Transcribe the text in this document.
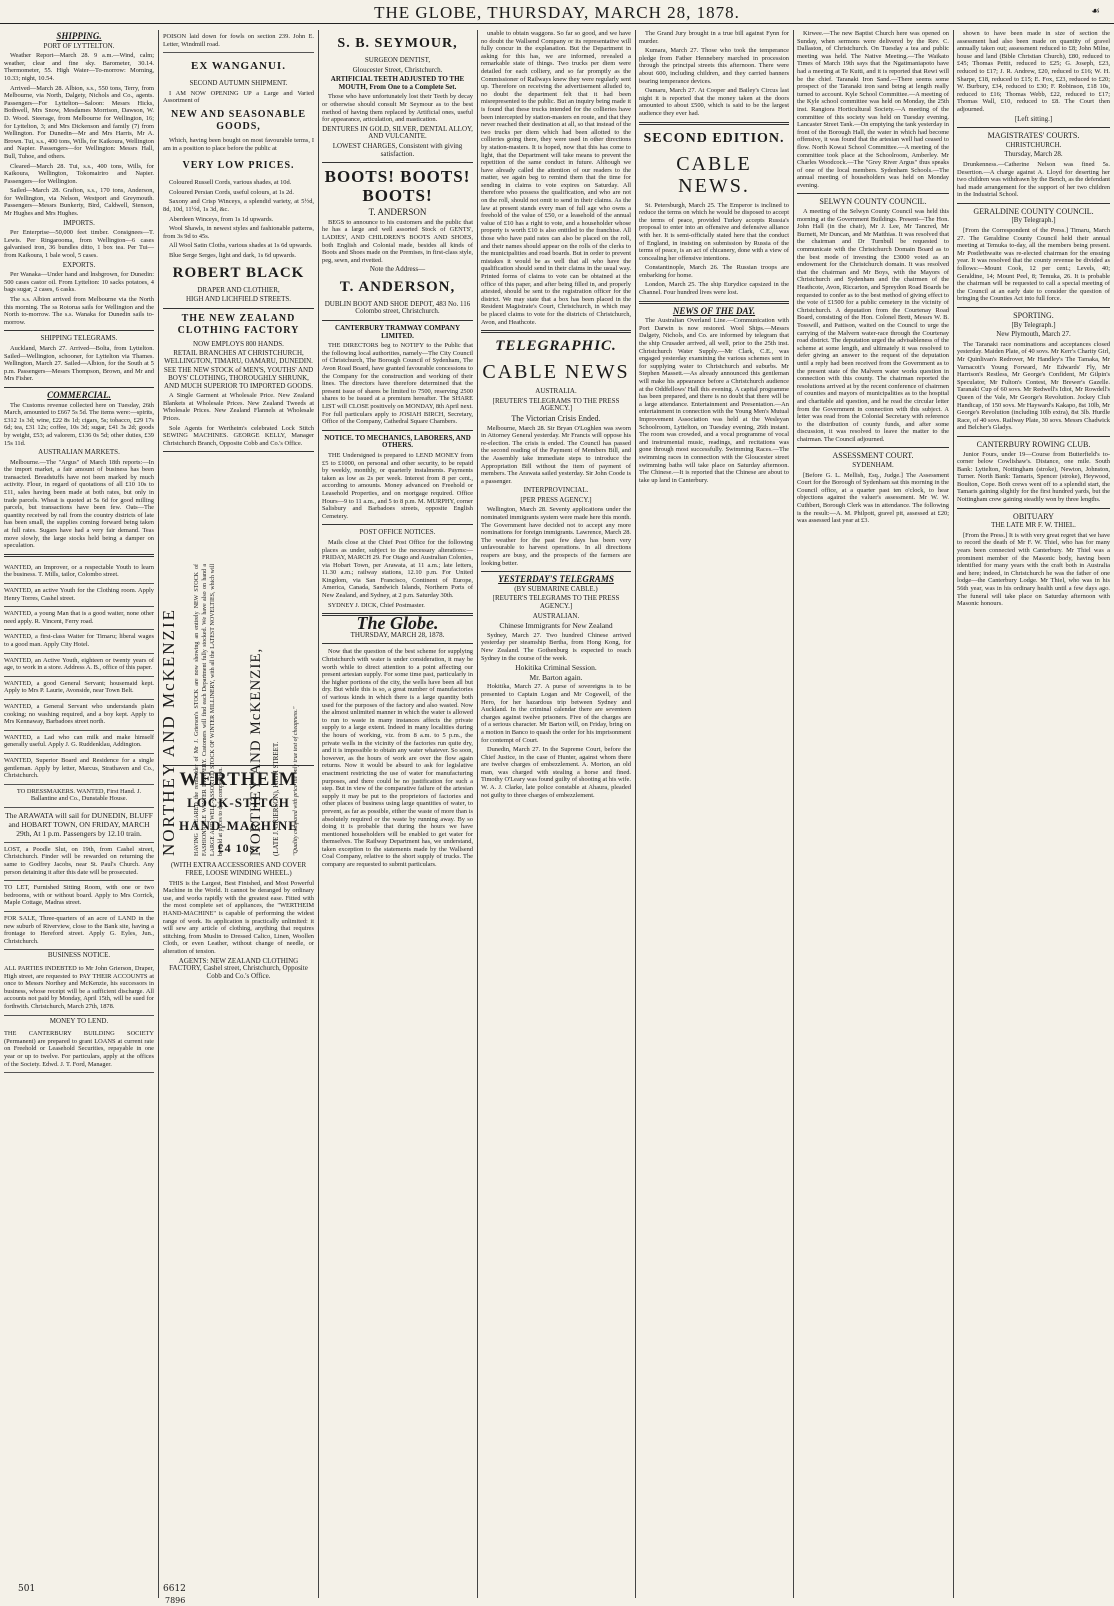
THE GLOBE, THURSDAY, MARCH 28, 1878.	☙
SHIPPING.
PORT OF LYTTELTON.

Weather Report—March 28. 9 a.m.—Wind, calm; weather, clear and fine sky. Barometer, 30.14. Thermometer, 55. High Water—To-morrow: Morning, 10.33; night, 10.54.

Arrived—March 28. Albion, s.s., 550 tons, Terry, from Melbourne, via North, Dalgety, Nichols and Co., agents. Passengers—For Lyttelton—Saloon: Messrs Hicks, Bothwell, Mrs Snow, Mesdames Morrison, Dawson, W. D. Wood. Steerage, from Melbourne for Wellington, 16; for Lyttelton, 3; and Mrs Dickenson and family (7) from Wellington. For Dunedin—Mr and Mrs Harris, Mr A. Brown. Tui, s.s., 400 tons, Wills, for Kaikoura, Wellington and Napier. Passengers—for Wellington: Messrs Hall, Bull, Tuhoe, and others.

Cleared—March 28. Tui, s.s., 400 tons, Wills, for Kaikoura, Wellington, Tokomairiro and Napier. Passengers—for Wellington.

Sailed—March 28. Grafton, s.s., 170 tons, Anderson, for Wellington, via Nelson, Westport and Greymouth. Passengers—Messrs Bunkerty, Bird, Caldwell, Stenson, Mr Hughes and Mrs Hughes.

IMPORTS.

Per Enterprise—50,000 feet timber. Consignees—T. Lewis. Per Ringarooma, from Wellington—6 cases galvanised iron, 36 bundles ditto, 1 box tea. Per Tui—from Kaikoura, 1 bale wool, 5 cases.

EXPORTS.

Per Wanaka—Under hand and lnsbgrown, for Dunedin: 500 cases castor oil. From Lyttelton: 10 sacks potatoes, 4 bags sugar, 2 cases, 6 casks.

The s.s. Albion arrived from Melbourne via the North this morning. The ss Rotorua sails for Wellington and the North to-morrow. The s.s. Wanaka for Dunedin sails to-morrow.

SHIPPING TELEGRAMS.

Auckland, March 27. Arrived—Bolta, from Lyttelton. Sailed—Wellington, schooner, for Lyttelton via Thames. Wellington, March 27. Sailed—Albion, for the South at 5 p.m. Passengers—Messrs Thompson, Brown, and Mr and Mrs Fisher.

COMMERCIAL.

The Customs revenue collected here on Tuesday, 26th March, amounted to £667 5s 5d. The items were:—spirits, £312 1s 3d; wine, £22 8s 1d; cigars, 5s; tobacco, £29 17s 6d; tea, £31 12s; coffee, 10s 3d; sugar, £41 3s 2d; goods by weight, £53; ad valorem, £136 0s 5d; other duties, £39 15s 11d.

AUSTRALIAN MARKETS.

Melbourne.—The "Argus" of March 18th reports:—In the import market, a fair amount of business has been transacted. Breadstuffs have not been marked by much activity. Flour, in regard of quotations of all £10 10s to £11, sales having been made at both rates, but only in trade parcels. Wheat is quoted at 5s 6d for good milling parcels, but transactions have been few. Oats—The quantity received by rail from the country districts of late has been small, the supplies coming forward being taken at full rates. Sugars have had a very fair demand. Teas move slowly, the large stocks held being a damper on speculation.

WANTED, an Improver, or a respectable Youth to learn the business. T. Mills, tailor, Colombo street.
WANTED, an active Youth for the Clothing room. Apply Henry Torres, Cashel street.
WANTED, a young Man that is a good waiter, none other need apply. R. Vincent, Ferry road.
WANTED, a first-class Waiter for Timaru; liberal wages to a good man. Apply City Hotel.
WANTED, an Active Youth, eighteen or twenty years of age, to work in a store. Address A. B., office of this paper.
WANTED, a good General Servant; housemaid kept. Apply to Mrs P. Laurie, Avonside, near Town Belt.
WANTED, a General Servant who understands plain cooking; no washing required, and a boy kept. Apply to Mrs Kennaway, Barbadoes street north.
WANTED, a Lad who can milk and make himself generally useful. Apply J. G. Ruddenklau, Addington.
WANTED, Superior Board and Residence for a single gentleman. Apply by letter, Marcus, Strathaven and Co., Christchurch.
TO DRESSMAKERS. WANTED, First Hand. J. Ballantine and Co., Dunstable House.
The ARAWATA will sail for DUNEDIN, BLUFF and HOBART TOWN, ON FRIDAY, MARCH 29th, At 1 p.m. Passengers by 12.10 train.
LOST, a Poodle Slut, on 19th, from Cashel street, Christchurch. Finder will be rewarded on returning the same to Godfrey Jacobs, near St. Paul's Church. Any person detaining it after this date will be prosecuted.
TO LET, Furnished Sitting Room, with one or two bedrooms, with or without board. Apply to Mrs Corrick, Maple Cottage, Madras street.
FOR SALE, Three-quarters of an acre of LAND in the new suburb of Riverview, close to the Bank site, having a frontage to Hereford street. Apply G. Eyles, Jun., Christchurch.
BUSINESS NOTICE.
ALL PARTIES INDEBTED to Mr John Grierson, Draper, High street, are requested to PAY THEIR ACCOUNTS at once to Messrs Northey and McKenzie, his successors in business, whose receipt will be a sufficient discharge. All accounts not paid by Monday, April 15th, will be sued for forthwith. Christchurch, March 27th, 1878.
MONEY TO LEND.
THE CANTERBURY BUILDING SOCIETY (Permanent) are prepared to grant LOANS at current rate on Freehold or Leasehold Securities, repayable in one year or up to twelve. For particulars, apply at the offices of the Society. Edwd. J. T. Ford, Manager.
POISON laid down for fowls on section 239. John E. Letter, Windmill road.
EX WANGANUI.
SECOND AUTUMN SHIPMENT.

I AM NOW OPENING UP a Large and Varied Assortment of

NEW AND SEASONABLE GOODS,

Which, having been bought on most favourable terms, I am in a position to place before the public at

VERY LOW PRICES.

Coloured Russell Cords, various shades, at 10d.

Coloured Persian Cords, useful colours, at 1s 2d.

Saxony and Crisp Winceys, a splendid variety, at 5½d, 8d, 10d, 11½d, 1s 3d, &c.

Aberdeen Winceys, from 1s 1d upwards.

Wool Shawls, in newest styles and fashionable patterns, from 3s 9d to 45s.

All Wool Satin Cloths, various shades at 1s 6d upwards.

Blue Serge Serges, light and dark, 1s 6d upwards.

ROBERT BLACK
DRAPER AND CLOTHIER,
HIGH AND LICHFIELD STREETS.
THE NEW ZEALAND CLOTHING FACTORY
NOW EMPLOYS 800 HANDS.
RETAIL BRANCHES AT CHRISTCHURCH, WELLINGTON, TIMARU, OAMARU, DUNEDIN.
SEE THE NEW STOCK of MEN'S, YOUTHS' AND BOYS' CLOTHING, THOROUGHLY SHRUNK, AND MUCH SUPERIOR TO IMPORTED GOODS.

A Single Garment at Wholesale Price. New Zealand Blankets at Wholesale Prices. New Zealand Tweeds at Wholesale Prices. New Zealand Flannels at Wholesale Prices.

Sole Agents for Wertheim's celebrated Lock Stitch SEWING MACHINES. GEORGE KELLY, Manager Christchurch Branch, Opposite Cobb and Co.'s Office.

NORTHEY AND McKENZIE	HAVING CLEARED the remainder of Mr J. Grierson's STOCK are now showing an entirely NEW STOCK of FASHIONABLE WINTER DRAPERY. Customers will find each Department fully stocked. We have also on hand a LARGE AND WELL-ASSORTED STOCK OF WINTER MILLINERY, with all the LATEST NOVELTIES, which will be sold at prices to defy competition.	NORTHEY AND McKENZIE, (LATE J. GRIERSON), HIGH STREET. "Quality compared with price the only true test of cheapness."
WERTHEIM
LOCK-STITCH
HAND-MACHINE
£4 10s.
(WITH EXTRA ACCESSORIES AND COVER FREE, LOOSE WINDING WHEEL.)

THIS is the Largest, Best Finished, and Most Powerful Machine in the World. It cannot be deranged by ordinary use, and works rapidly with the greatest ease. Fitted with the most complete set of appliances, the "WERTHEIM HAND-MACHINE" is capable of performing the widest range of work. Its application is practically unlimited: it will sew any article of clothing, anything that requires stitching, from Muslin to Dressed Calico, Linen, Woollen Cloth, or even Leather, without change of needle, or alteration of tension.

AGENTS: NEW ZEALAND CLOTHING FACTORY, Cashel street, Christchurch, Opposite Cobb and Co.'s Office.
S. B. SEYMOUR,
SURGEON DENTIST,
Gloucester Street, Christchurch.
ARTIFICIAL TEETH ADJUSTED TO THE MOUTH, From One to a Complete Set.

Those who have unfortunately lost their Teeth by decay or otherwise should consult Mr Seymour as to the best method of having them replaced by Artificial ones, useful for appearance, articulation, and mastication.

DENTURES IN GOLD, SILVER, DENTAL ALLOY, AND VULCANITE.
LOWEST CHARGES, Consistent with giving satisfaction.
BOOTS! BOOTS! BOOTS!
T. ANDERSON

BEGS to announce to his customers and the public that he has a large and well assorted Stock of GENTS', LADIES', AND CHILDREN'S BOOTS AND SHOES, both English and Colonial made, besides all kinds of Boots and Shoes made on the Premises, in first-class style, peg, sewn, and rivetted.

Note the Address—
T. ANDERSON,
DUBLIN BOOT AND SHOE DEPOT, 483 No. 116 Colombo street, Christchurch.
CANTERBURY TRAMWAY COMPANY LIMITED.

THE DIRECTORS beg to NOTIFY to the Public that the following local authorities, namely—The City Council of Christchurch, The Borough Council of Sydenham, The Avon Road Board, have granted favourable concessions to the Company for the construction and working of their lines. The directors have therefore determined that the present issue of shares be limited to 7500, reserving 2500 shares to be issued at a premium hereafter. The SHARE LIST will CLOSE positively on MONDAY, 8th April next. For full particulars apply to JOSIAH BIRCH, Secretary, Office of the Company, Cathedral Square Chambers.

NOTICE. TO MECHANICS, LABORERS, AND OTHERS.

THE Undersigned is prepared to LEND MONEY from £5 to £1000, on personal and other security, to be repaid by weekly, monthly, or quarterly instalments. Payments taken as low as 2s per week. Interest from 8 per cent., according to amounts. Money advanced on Freehold or Leasehold Properties, and on mortgage required. Office Hours—9 to 11 a.m., and 5 to 8 p.m. M. MURPHY, corner Salisbury and Barbadoes streets, opposite English Cemetery.

POST OFFICE NOTICES.

Mails close at the Chief Post Office for the following places as under, subject to the necessary alterations:—FRIDAY, MARCH 29. For Otago and Australian Colonies, via Hobart Town, per Arawata, at 11 a.m.; late letters, 11.30 a.m.; railway stations, 12.10 p.m. For United Kingdom, via San Francisco, Continent of Europe, America, Canada, Sandwich Islands, Northern Ports of New Zealand, and Sydney, at 2 p.m. Saturday 30th.

SYDNEY J. DICK, Chief Postmaster.

The Globe.
THURSDAY, MARCH 28, 1878.

Now that the question of the best scheme for supplying Christchurch with water is under consideration, it may be worth while to direct attention to a point affecting our present artesian supply. For some time past, particularly in the higher portions of the city, the wells have been all but dry. But while this is so, a great number of manufactories of various kinds in which there is a large quantity both used for the purposes of the factory and also wasted. Now the almost unlimited manner in which the water is allowed to run to waste in many instances affects the private supply to a large extent. Indeed in many localities during the hours of working, viz. from 8 a.m. to 5 p.m., the private wells in the vicinity of the factories run quite dry, and it is impossible to obtain any water whatever. So soon, however, as the hours of work are over the flow again returns. Now it would be absurd to ask for legislative enactment restricting the use of water for manufacturing purposes, and there could be no justification for such a step. But in view of the comparative failure of the artesian supply it may be put to the proprietors of factories and other places of business using large quantities of water, to prevent, as far as possible, either the waste of more than is absolutely required or the waste by running away. By so doing it is probable that during the hours we have mentioned householders will be enabled to get water for themselves. The Railway Department has, we understand, taken exception to the statements made by the Wallsend Coal Company, relative to the short supply of trucks. The company are requested to submit particulars.

unable to obtain waggons. So far so good, and we have no doubt the Wallsend Company or its representative will fully concur in the explanation. But the Department in asking for this has, we are informed, revealed a remarkable state of things. Two trucks per diem were detailed for each colliery, and so far promptly as the Commissioner of Railways knew they were regularly sent up. Therefore on receiving the advertisement alluded to, no doubt the department felt that it had been misrepresented to the public. But an inquiry being made it is found that these trucks intended for the collieries have been intercepted by station-masters en route, and that they never reached their destination at all, so that instead of the two trucks per diem which had been allotted to the collieries going there, they were used in other directions by station-masters. It is hoped, now that this has come to light, that the Department will take means to prevent the repetition of the same conduct in future. Although we have already called the attention of our readers to the matter, we again beg to remind them that the time for sending in claims to vote expires on Saturday. All therefore who possess the qualification, and who are not on the roll, should not omit to send in their claims. As the law at present stands every man of full age who owns a freehold of the value of £50, or a leasehold of the annual value of £10 has a right to vote, and a householder whose property is worth £10 is also entitled to the franchise. All those who have paid rates can also be placed on the roll, and their names should appear on the rolls of the clerks to the municipalities and road boards. But in order to prevent mistakes it would be as well that all who have the qualification should send in their claims in the usual way. Printed forms of claims to vote can be obtained at the office of this paper, and after being filled in, and properly attested, should be sent to the registration officer for the district. We may state that a box has been placed in the Resident Magistrate's Court, Christchurch, in which may be placed claims to vote for the districts of Christchurch, Avon, and Heathcote.

TELEGRAPHIC.
CABLE NEWS
AUSTRALIA.
[REUTER'S TELEGRAMS TO THE PRESS AGENCY.]
The Victorian Crisis Ended.

Melbourne, March 28. Sir Bryan O'Loghlen was sworn in Attorney General yesterday. Mr Francis will oppose his re-election. The crisis is ended. The Council has passed the second reading of the Payment of Members Bill, and the Assembly take immediate steps to introduce the Appropriation Bill without the item of payment of members. The Arawata sailed yesterday. Sir John Coode is a passenger.

INTERPROVINCIAL.
[PER PRESS AGENCY.]

Wellington, March 28. Seventy applications under the nominated immigrants system were made here this month. The Government have decided not to accept any more nominations for foreign immigrants. Lawrence, March 28. The weather for the past few days has been very unfavourable to harvest operations. In all directions reapers are busy, and the prospects of the farmers are looking better.

YESTERDAY'S TELEGRAMS
(BY SUBMARINE CABLE.)
[REUTER'S TELEGRAMS TO THE PRESS AGENCY.]
AUSTRALIAN.
Chinese Immigrants for New Zealand

Sydney, March 27. Two hundred Chinese arrived yesterday per steamship Bertha, from Hong Kong, for New Zealand. The Gothenburg is expected to reach Sydney in the course of the week.

Hokitika Criminal Session.
Mr. Barton again.

Hokitika, March 27. A purse of sovereigns is to be presented to Captain Logan and Mr Cogswell, of the Hero, for her hazardous trip between Sydney and Auckland. In the criminal calendar there are seventeen charges against twelve prisoners. Five of the charges are of a serious character. Mr Barton will, on Friday, bring on a motion in Banco to quash the order for his imprisonment for contempt of Court.

Dunedin, March 27. In the Supreme Court, before the Chief Justice, in the case of Hunter, against whom there are twelve charges of embezzlement. A. Morton, an old man, was charged with stealing a horse and fined. Timothy O'Leary was found guilty of shooting at his wife. W. A. J. Clarke, late police constable at Ahaura, pleaded not guilty to three charges of embezzlement.

The Grand Jury brought in a true bill against Fynn for murder.

Kumara, March 27. Those who took the temperance pledge from Father Hennebery marched in procession through the principal streets this afternoon. There were about 600, including children, and they carried banners bearing temperance devices.

Oamaru, March 27. At Cooper and Bailey's Circus last night it is reported that the money taken at the doors amounted to about £500, which is said to be the largest audience they ever had.

SECOND EDITION.
CABLE NEWS.

St. Petersburgh, March 25. The Emperor is inclined to reduce the terms on which he would be disposed to accept the terms of peace, provided Turkey accepts Russia's proposal to enter into an offensive and defensive alliance with her. It is semi-officially stated here that the conduct of England, in insisting on submission by Russia of the terms of peace, is an act of chicanery, done with a view of concealing her offensive intentions.

Constantinople, March 26. The Russian troops are embarking for home.

London, March 25. The ship Eurydice capsized in the Channel. Four hundred lives were lost.

NEWS OF THE DAY.

The Australian Overland Line.—Communication with Port Darwin is now restored. Wool Ships.—Messrs Dalgety, Nichols, and Co. are informed by telegram that the ship Crusader arrived, all well, prior to the 25th inst. Christchurch Water Supply.—Mr Clark, C.E., was engaged yesterday examining the various schemes sent in for supplying water to Christchurch and suburbs. Mr Stephen Massett.—As already announced this gentleman will make his appearance before a Christchurch audience at the Oddfellows' Hall this evening. A capital programme has been prepared, and there is no doubt that there will be a large attendance. Entertainment and Presentation.—An entertainment in connection with the Young Men's Mutual Improvement Association was held at the Wesleyan Schoolroom, Lyttelton, on Tuesday evening, 26th instant. The room was crowded, and a vocal programme of vocal and instrumental music, readings, and recitations was gone through most successfully. Swimming Races.—The swimming races in connection with the Gloucester street swimming baths will take place on Saturday afternoon. The Chinese.—It is reported that the Chinese are about to take up land in Canterbury.

Kirwee.—The new Baptist Church here was opened on Sunday, when sermons were delivered by the Rev. C. Dallaston, of Christchurch. On Tuesday a tea and public meeting was held. The Native Meeting.—The Waikato Times of March 19th says that the Ngatimaniapoto have had a meeting at Te Kuiti, and it is reported that Rewi will be the chief. Taranaki Iron Sand.—There seems some prospect of the Taranaki iron sand being at length really turned to account. Kyle School Committee.—A meeting of the Kyle school committee was held on Monday, the 25th inst. Rangiora Horticultural Society.—A meeting of the committee of this society was held on Tuesday evening. Lancaster Street Tank.—On emptying the tank yesterday in front of the Borough Hall, the water in which had become offensive, it was found that the artesian well had ceased to flow. North Kowai School Committee.—A meeting of the committee took place at the Schoolroom, Amberley. Mr Charles Woodcock.—The "Grey River Argus" thus speaks of one of the local members. Sydenham Schools.—The annual meeting of householders was held on Monday evening.

SELWYN COUNTY COUNCIL.

A meeting of the Selwyn County Council was held this morning at the Government Buildings. Present—The Hon. John Hall (in the chair), Mr J. Lee, Mr Tancred, Mr Burnett, Mr Duncan, and Mr Matthias. It was resolved that the chairman and Dr Turnbull be requested to communicate with the Christchurch Domain Board as to the best mode of investing the £3000 voted as an endowment for the Christchurch domain. It was resolved that the chairman and Mr Boys, with the Mayors of Christchurch and Sydenham and the chairmen of the Heathcote, Avon, Riccarton, and Spreydon Road Boards be requested to confer as to the best method of giving effect to the vote of £1500 for a public cemetery in the vicinity of Christchurch. A deputation from the Courtenay Road Board, consisting of the Hon. Colonel Brett, Messrs W. B. Tosswill, and Pattison, waited on the Council to urge the carrying of the Malvern water-race through the Courtenay road district. The deputation urged the advisableness of the scheme at some length, and ultimately it was resolved to defer giving an answer to the request of the deputation until a reply had been received from the Government as to the present state of the Malvern water works question in connection with this county. The chairman reported the resolutions arrived at by the recent conference of chairmen of counties and mayors of municipalities as to the hospital and charitable aid question, and he read the circular letter from the Government in connection with this subject. A letter was read from the Colonial Secretary with reference to the distribution of county funds, and after some discussion, it was resolved to leave the matter to the chairman. The Council adjourned.

ASSESSMENT COURT.
SYDENHAM.

[Before G. L. Mellish, Esq., Judge.] The Assessment Court for the Borough of Sydenham sat this morning in the Council office, at a quarter past ten o'clock, to hear objections against the valuer's assessment. Mr W. W. Cuthbert, Borough Clerk was in attendance. The following is the result:—A. M. Philpott, gravel pit, assessed at £20; was assessed last year at £3.

shown to have been made in size of section the assessment had also been made on quantity of gravel annually taken out; assessment reduced to £8; John Milne, house and land (Bible Christian Church), £80, reduced to £45; Thomas Pettit, reduced to £25; G. Joseph, £23, reduced to £17; J. R. Andrew, £20, reduced to £16; W. H. Sharpe, £18, reduced to £15; E. Fox, £23, reduced to £20; W. Burbury, £34, reduced to £30; F. Robinson, £18 10s, reduced to £16; Thomas Webb, £22, reduced to £17; Thomas Wall, £10, reduced to £8. The Court then adjourned.

[Left sitting.]
MAGISTRATES' COURTS.
CHRISTCHURCH.
Thursday, March 28.

Drunkenness.—Catherine Nelson was fined 5s. Desertion.—A charge against A. Lloyd for deserting her two children was withdrawn by the Bench, as the defendant had made arrangement for the support of her two children in the Industrial School.

GERALDINE COUNTY COUNCIL.
[By Telegraph.]

[From the Correspondent of the Press.] Timaru, March 27. The Geraldine County Council held their annual meeting at Temuka to-day, all the members being present. Mr Postlethwaite was re-elected chairman for the ensuing year. It was resolved that the county revenue be divided as follows:—Mount Cook, 12 per cent.; Levels, 40; Geraldine, 14; Mount Peel, 8; Temuka, 26. It is probable the chairman will be requested to call a special meeting of the Council at an early date to consider the question of bringing the Counties Act into full force.

SPORTING.
[By Telegraph.]
New Plymouth, March 27.

The Taranaki race nominations and acceptances closed yesterday. Maiden Plate, of 40 sovs. Mr Kerr's Charity Girl, Mr Quinlivan's Redrover, Mr Handley's The Tamaka, Mr Varnacott's Young Forward, Mr Edwards' Fly, Mr Harrison's Restless, Mr George's Confident, Mr Gilpin's Speculator, Mr Fulton's Contest, Mr Brewer's Gazelle. Taranaki Cup of 60 sovs. Mr Redwell's Idiot, Mr Rowdell's Queen of the Vale, Mr George's Revolution. Jockey Club Handicap, of 150 sovs. Mr Hayward's Kakapo, 8st 10lb, Mr George's Revolution (including 10lb extra), 8st 3lb. Hurdle Race, of 40 sovs. Railway Plate, 30 sovs. Messrs Chadwick and Belcher's Gladys.

CANTERBURY ROWING CLUB.

Junior Fours, under 19—Course from Butterfield's to-corner below Cowlishaw's. Distance, one mile. South Bank: Lyttelton, Nottingham (stroke), Newton, Johnston, Turner. North Bank: Tamaris, Spencer (stroke), Heywood, Boulton, Cope. Both crews went off to a splendid start, the Tamaris gaining slightly for the first hundred yards, but the Nottingham crew gaining steadily won by three lengths.

OBITUARY
THE LATE MR F. W. THIEL.

[From the Press.] It is with very great regret that we have to record the death of Mr F. W. Thiel, who has for many years been connected with Canterbury. Mr Thiel was a prominent member of the Masonic body, having been identified for many years with the craft both in Australia and here; indeed, in Christchurch he was the father of one lodge—the Canterbury Lodge. Mr Thiel, who was in his 56th year, was in his ordinary health until a few days ago. The funeral will take place on Saturday afternoon with Masonic honours.

501	6612
7896
